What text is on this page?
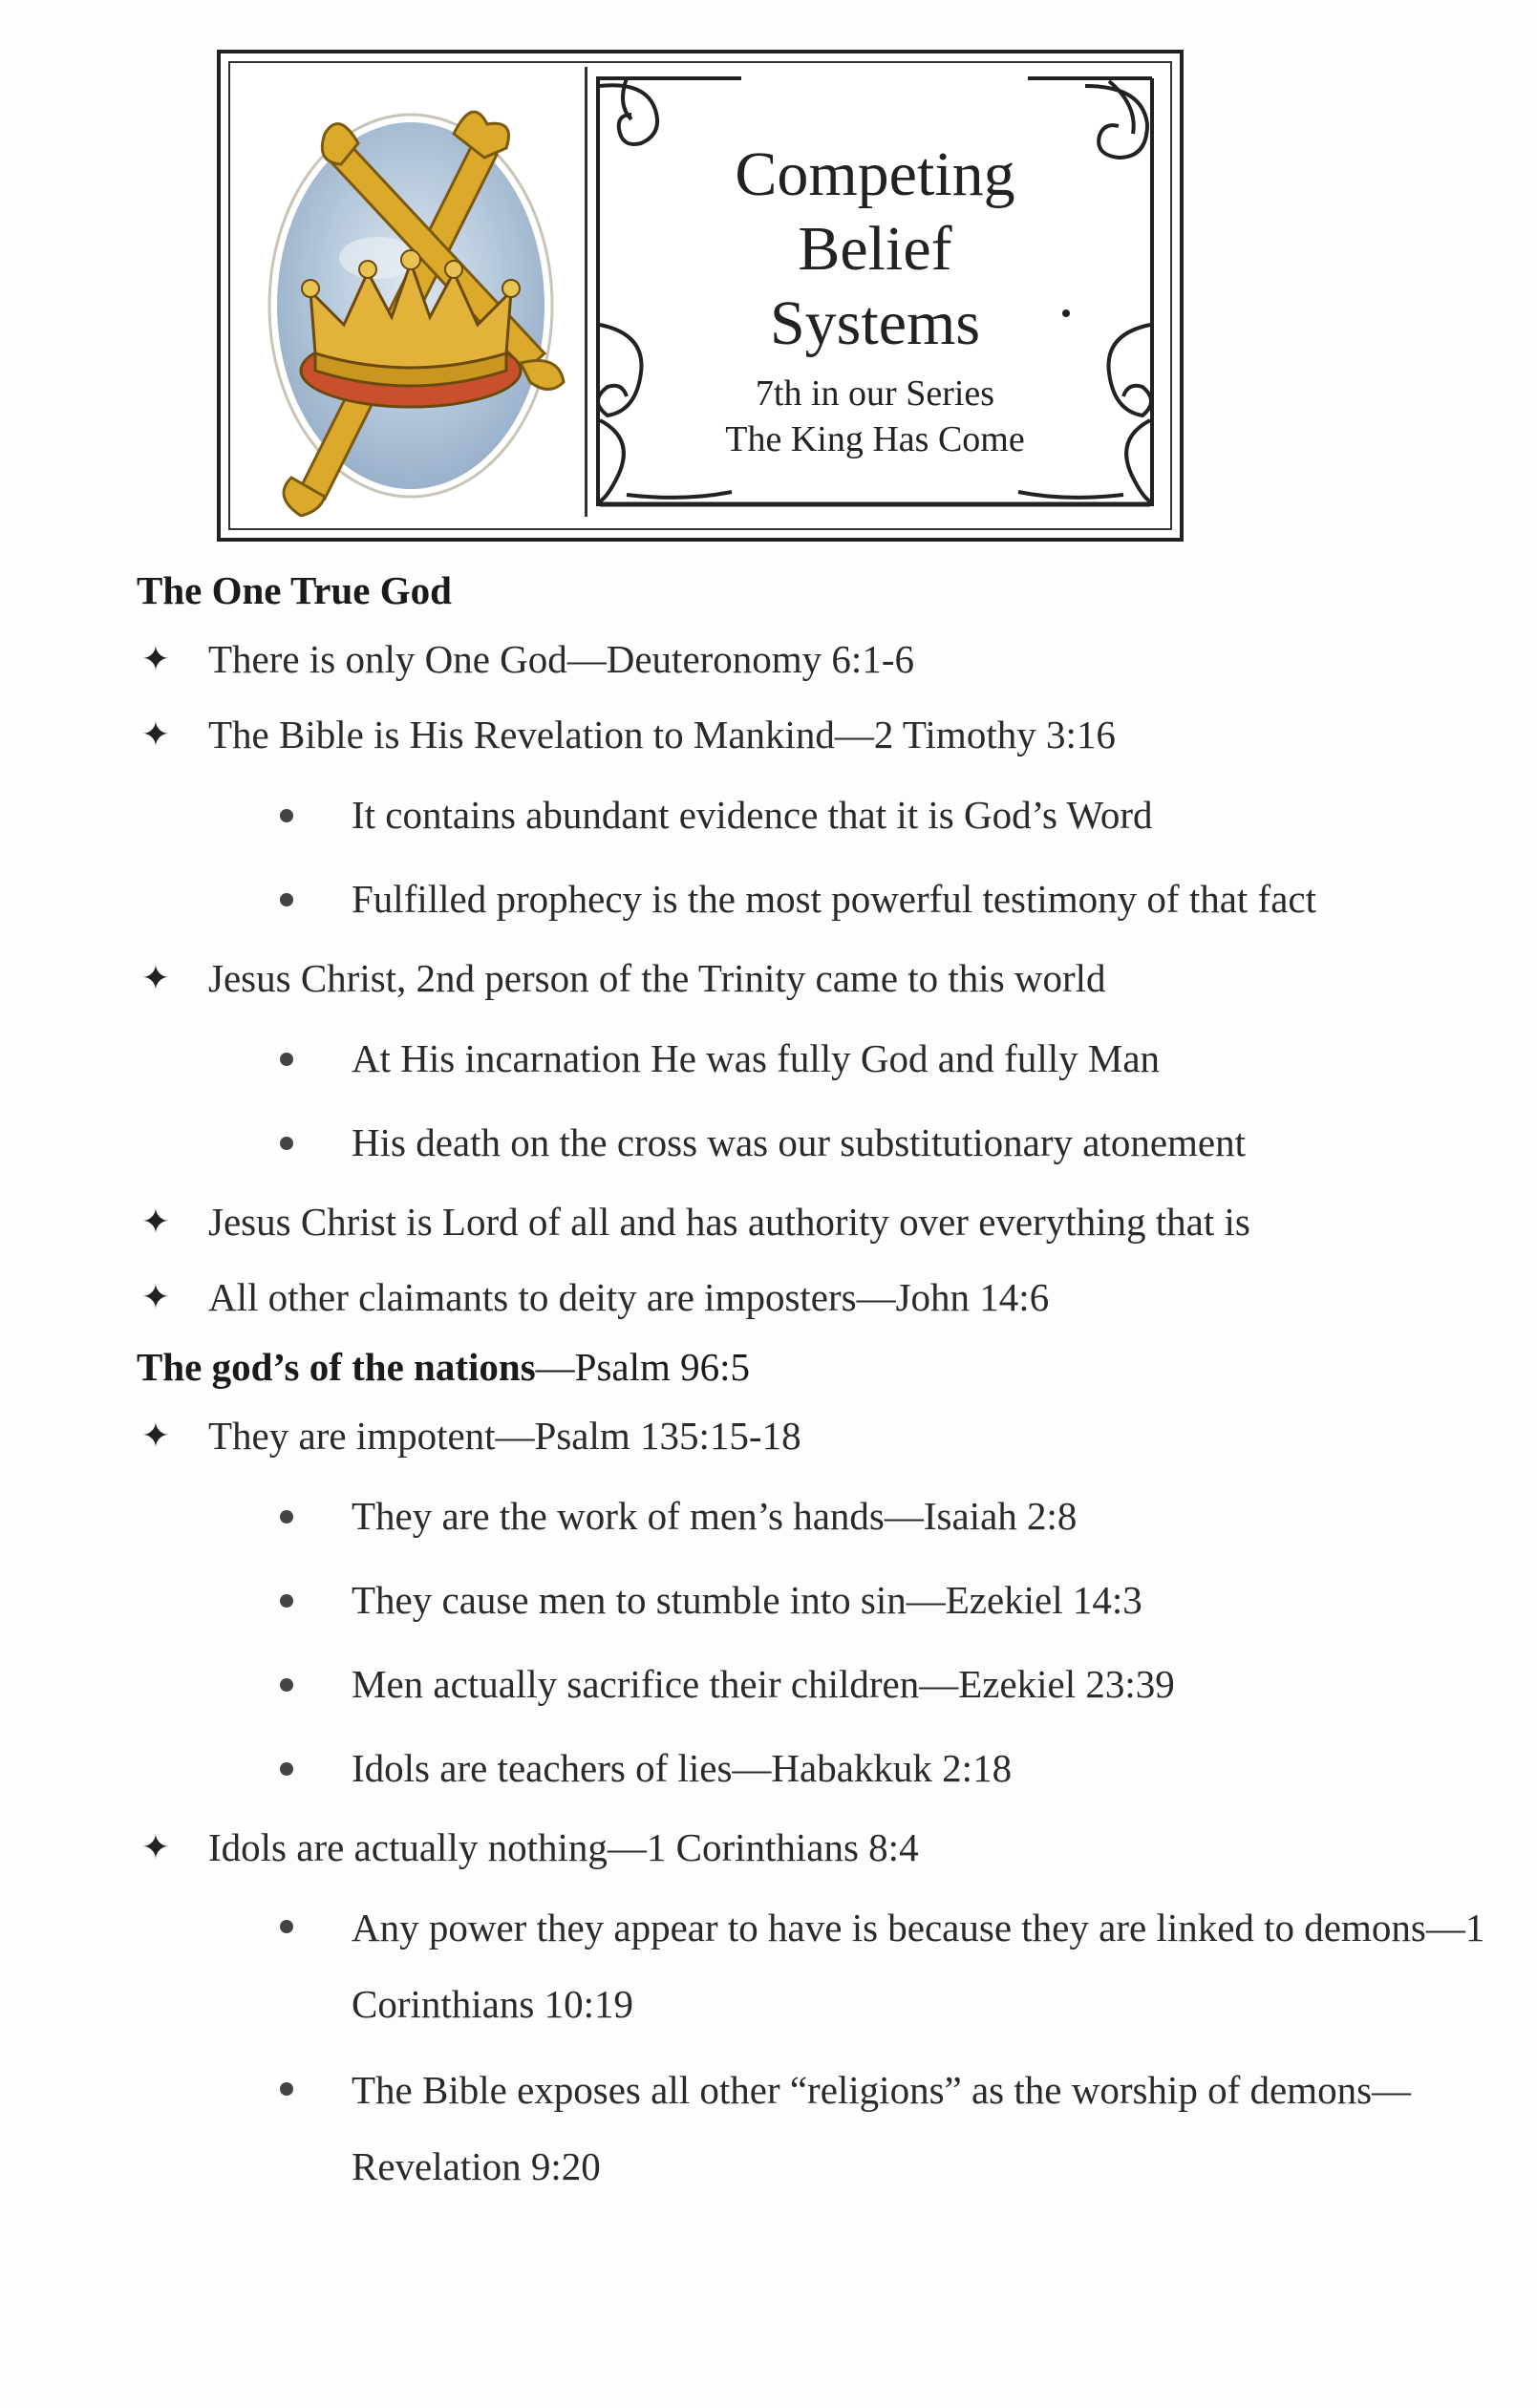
Competing
Belief
Systems
7th in our Series
The King Has Come
The One True God
✦ There is only One God—Deuteronomy 6:1-6
✦ The Bible is His Revelation to Mankind—2 Timothy 3:16
It contains abundant evidence that it is God’s Word
Fulfilled prophecy is the most powerful testimony of that fact
✦ Jesus Christ, 2nd person of the Trinity came to this world
At His incarnation He was fully God and fully Man
His death on the cross was our substitutionary atonement
✦ Jesus Christ is Lord of all and has authority over everything that is
✦ All other claimants to deity are imposters—John 14:6
The god’s of the nations—Psalm 96:5
✦ They are impotent—Psalm 135:15-18
They are the work of men’s hands—Isaiah 2:8
They cause men to stumble into sin—Ezekiel 14:3
Men actually sacrifice their children—Ezekiel 23:39
Idols are teachers of lies—Habakkuk 2:18
✦ Idols are actually nothing—1 Corinthians 8:4
Any power they appear to have is because they are linked to demons—1 Corinthians 10:19
The Bible exposes all other “religions” as the worship of demons—Revelation 9:20
